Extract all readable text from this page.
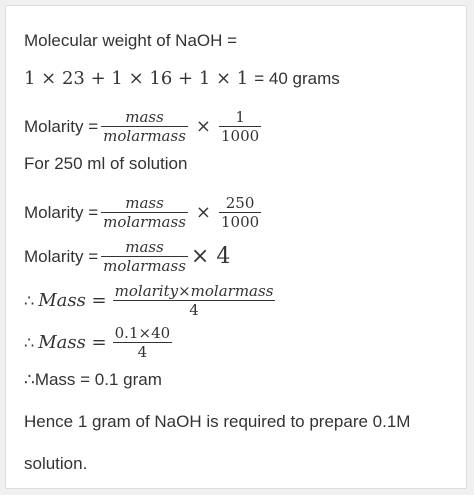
Molecular weight of NaOH =
1 × 23 + 1 × 16 + 1 × 1 = 40 grams
Molarity = $\frac{\text{mass}}{\text{molarmass}} \times \frac{1}{1000}$
For 250 ml of solution
Molarity = $\frac{\text{mass}}{\text{molarmass}} \times \frac{250}{1000}$
Molarity = $\frac{\text{mass}}{\text{molarmass}} \times 4$
∴ Mass = $\frac{\text{molarity×molarmass}}{4}$
∴ Mass = $\frac{0.1\times 40}{4}$
∴Mass = 0.1 gram
Hence 1 gram of NaOH is required to prepare 0.1M
solution.
